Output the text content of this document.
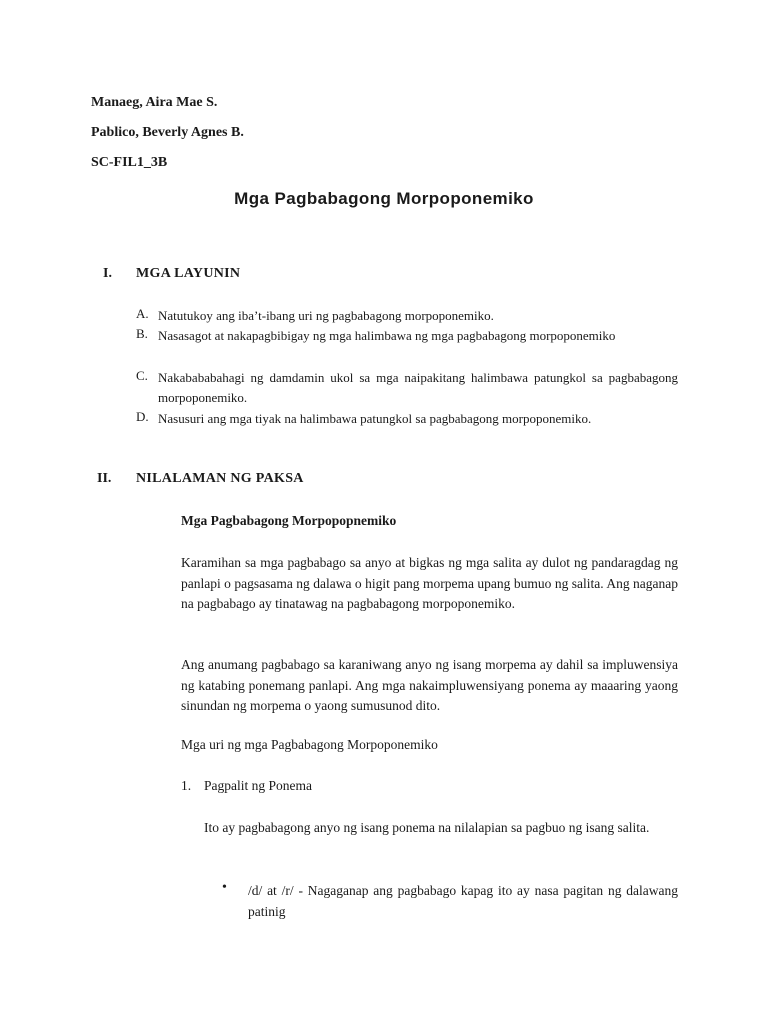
Manaeg, Aira Mae S.
Pablico, Beverly Agnes B.
SC-FIL1_3B
Mga Pagbabagong Morpoponemiko
I. MGA LAYUNIN
A. Natutukoy ang iba’t-ibang uri ng pagbabagong morpoponemiko.
B. Nasasagot at nakapagbibigay ng mga halimbawa ng mga pagbabagong morpoponemiko
C. Nakabababahagi ng damdamin ukol sa mga naipakitang halimbawa patungkol sa pagbabagong morpoponemiko.
D. Nasusuri ang mga tiyak na halimbawa patungkol sa pagbabagong morpoponemiko.
II. NILALAMAN NG PAKSA
Mga Pagbabagong Morpopopnemiko
Karamihan sa mga pagbabago sa anyo at bigkas ng mga salita ay dulot ng pandaragdag ng panlapi o pagsasama ng dalawa o higit pang morpema upang bumuo ng salita. Ang naganap na pagbabago ay tinatawag na pagbabagong morpoponemiko.
Ang anumang pagbabago sa karaniwang anyo ng isang morpema ay dahil sa impluwensiya ng katabing ponemang panlapi. Ang mga nakaimpluwensiyang ponema ay maaaring yaong sinundan ng morpema o yaong sumusunod dito.
Mga uri ng mga Pagbabagong Morpoponemiko
1. Pagpalit ng Ponema
Ito ay pagbabagong anyo ng isang ponema na nilalapian sa pagbuo ng isang salita.
• /d/ at /r/ - Nagaganap ang pagbabago kapag ito ay nasa pagitan ng dalawang patinig
